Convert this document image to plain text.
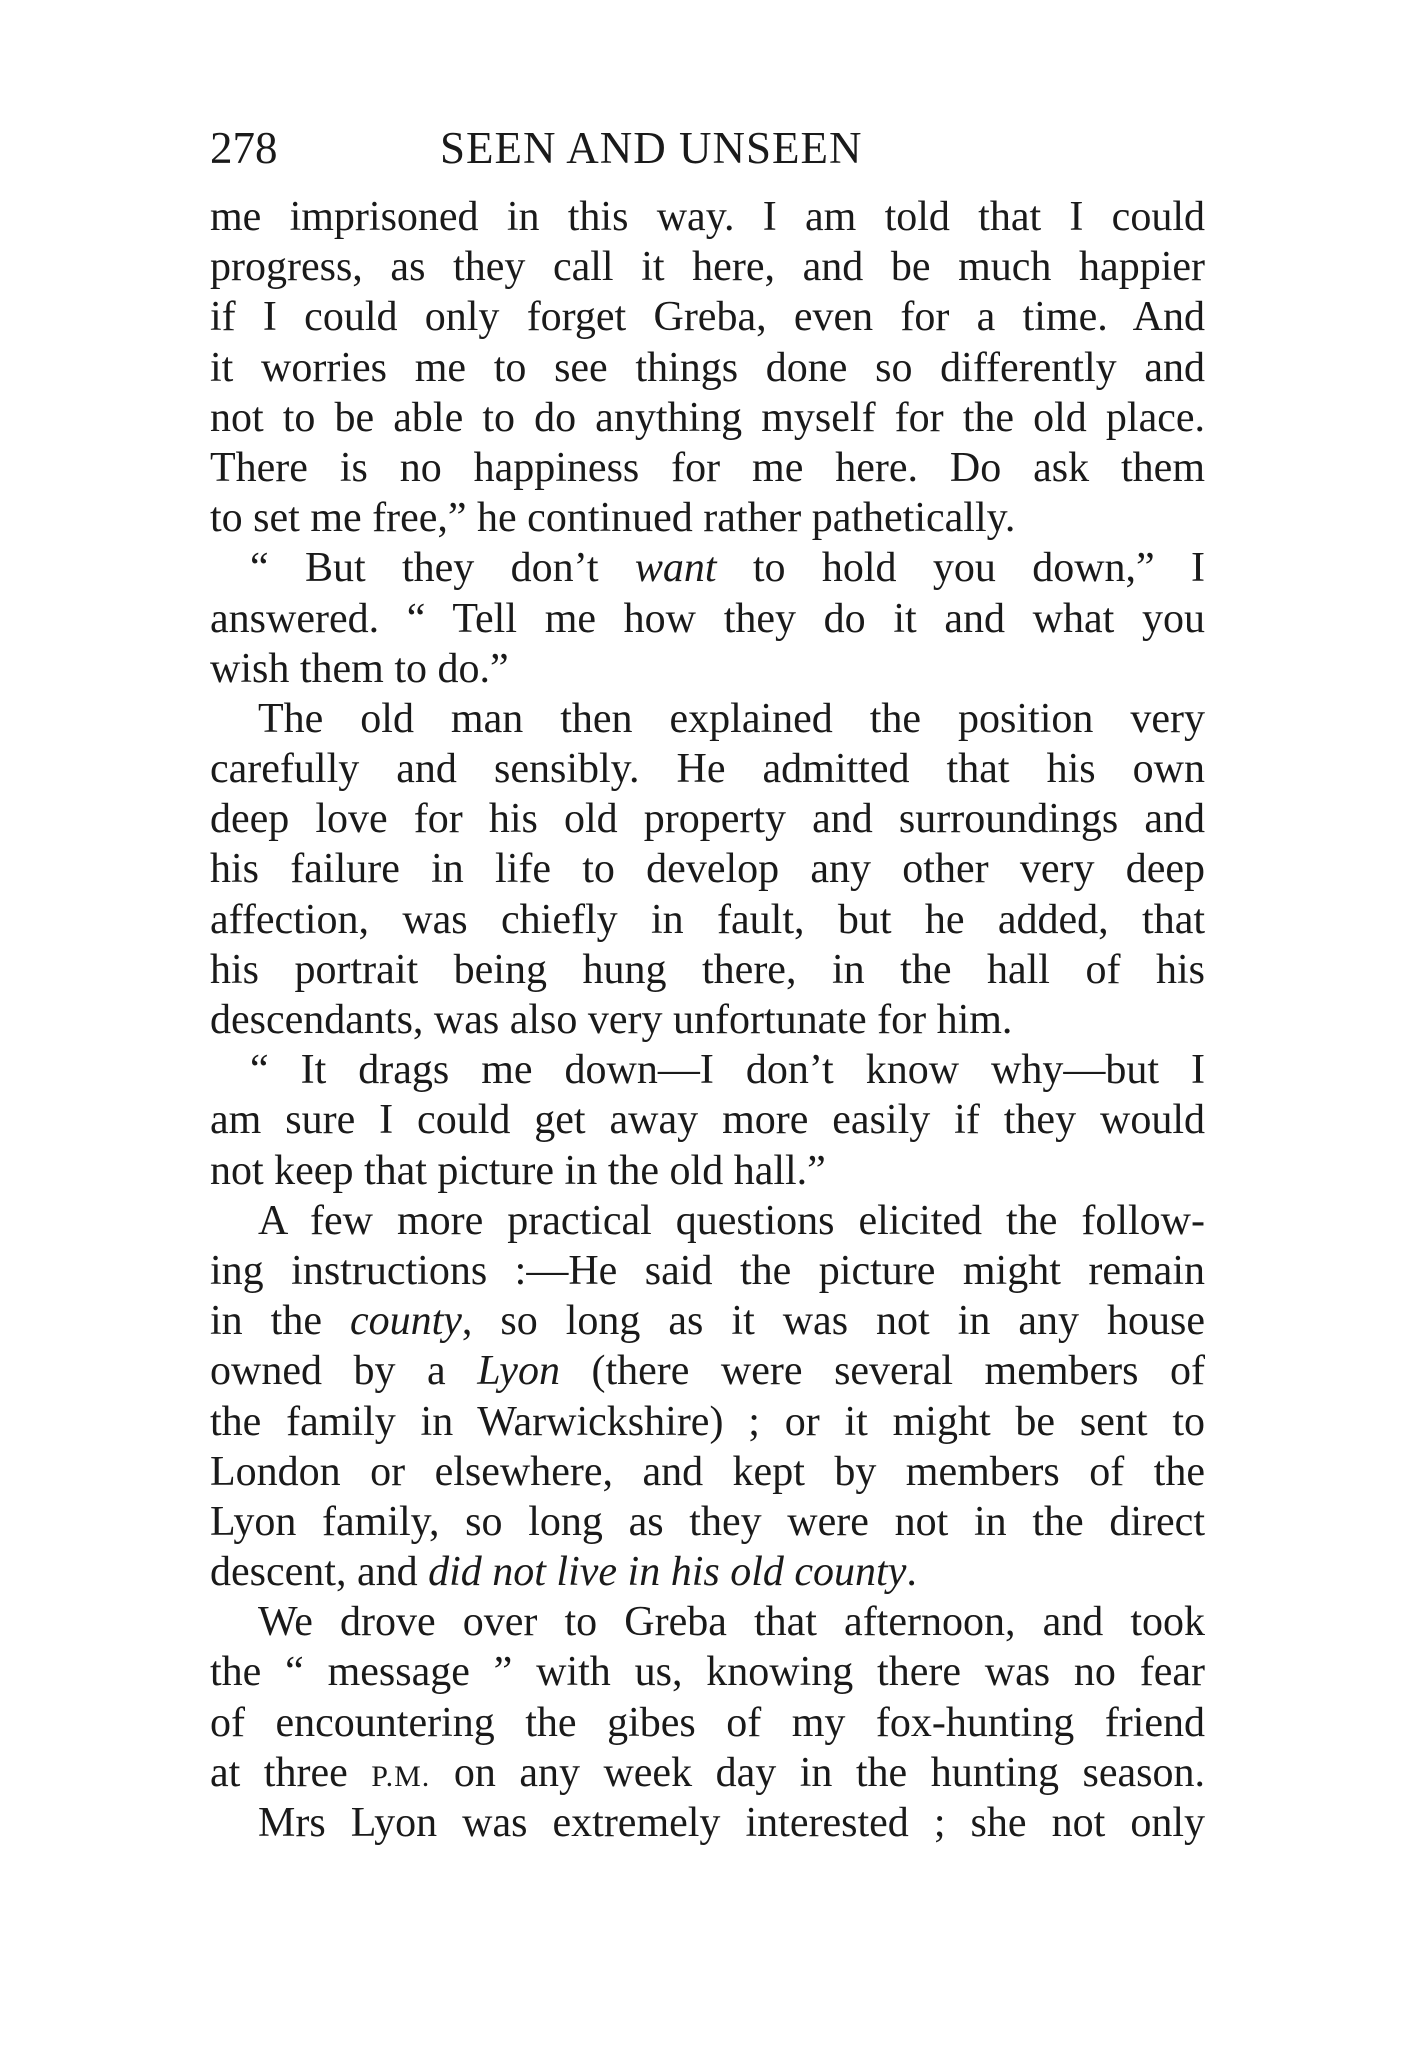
278	SEEN AND UNSEEN
me imprisoned in this way. I am told that I could
progress, as they call it here, and be much happier
if I could only forget Greba, even for a time. And
it worries me to see things done so differently and
not to be able to do anything myself for the old place.
There is no happiness for me here. Do ask them
to set me free,” he continued rather pathetically.
“ But they don’t want to hold you down,” I
answered. “ Tell me how they do it and what you
wish them to do.”
The old man then explained the position very
carefully and sensibly. He admitted that his own
deep love for his old property and surroundings and
his failure in life to develop any other very deep
affection, was chiefly in fault, but he added, that
his portrait being hung there, in the hall of his
descendants, was also very unfortunate for him.
“ It drags me down—I don’t know why—but I
am sure I could get away more easily if they would
not keep that picture in the old hall.”
A few more practical questions elicited the follow-
ing instructions :—He said the picture might remain
in the county, so long as it was not in any house
owned by a Lyon (there were several members of
the family in Warwickshire) ; or it might be sent to
London or elsewhere, and kept by members of the
Lyon family, so long as they were not in the direct
descent, and did not live in his old county.
We drove over to Greba that afternoon, and took
the “ message ” with us, knowing there was no fear
of encountering the gibes of my fox-hunting friend
at three P.M. on any week day in the hunting season.
Mrs Lyon was extremely interested ; she not only
